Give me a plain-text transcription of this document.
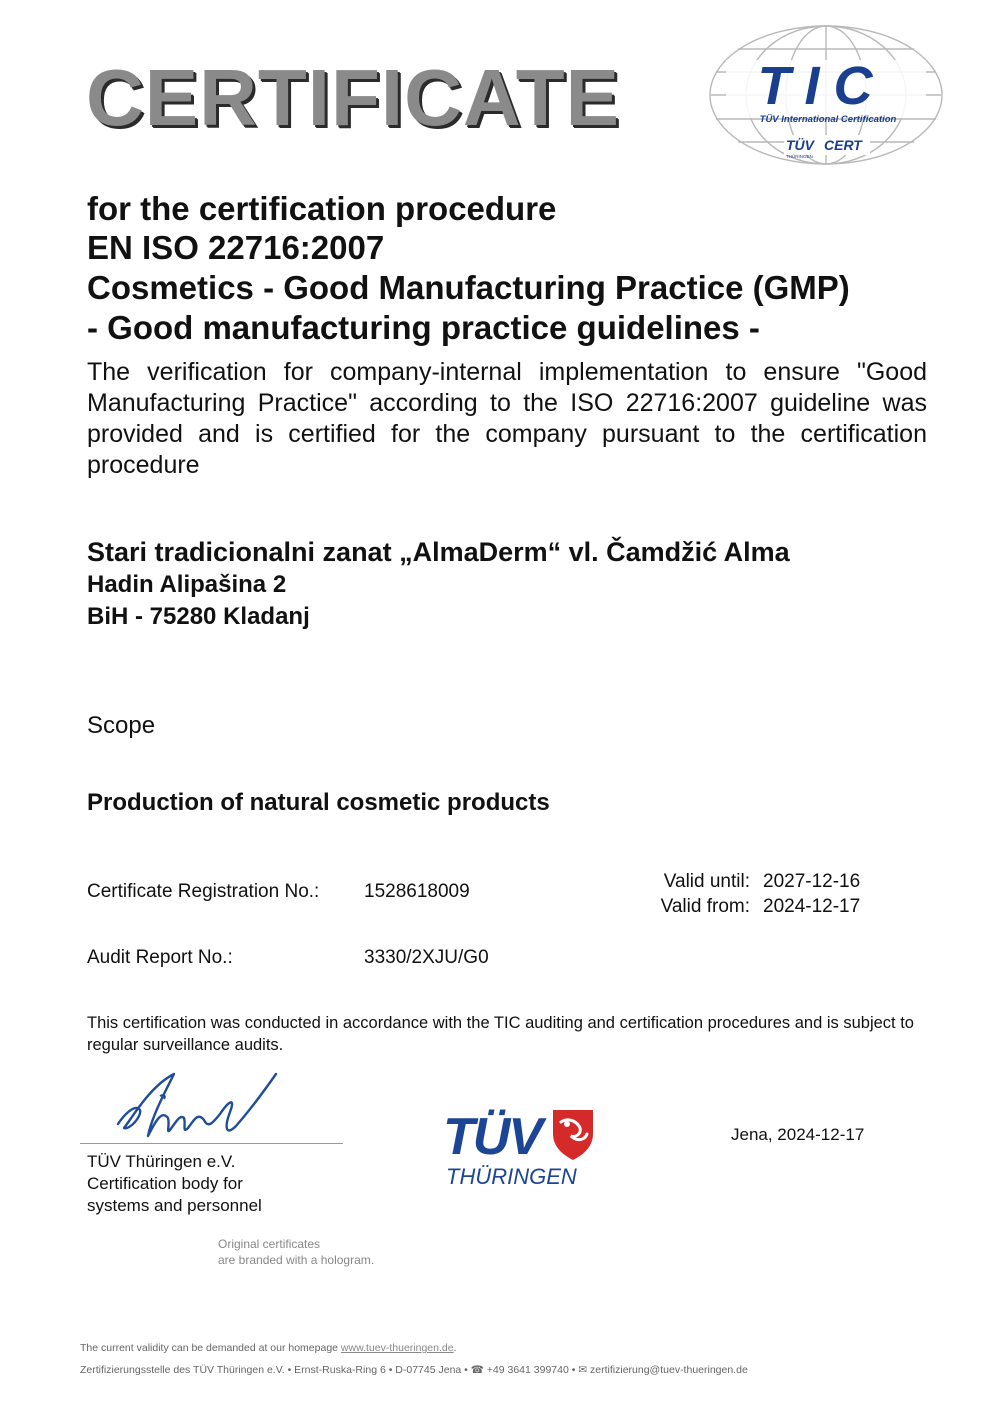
CERTIFICATE	TIC
TÜV International Certification
TÜV CERT
THÜRINGEN
for the certification procedure
EN ISO 22716:2007
Cosmetics - Good Manufacturing Practice (GMP)
- Good manufacturing practice guidelines -
The verification for company-internal implementation to ensure "Good Manufacturing Practice" according to the ISO 22716:2007 guideline was provided and is certified for the company pursuant to the certification procedure
Stari tradicionalni zanat „AlmaDerm“ vl. Čamdžić Alma
Hadin Alipašina 2
BiH - 75280 Kladanj
Scope
Production of natural cosmetic products
Certificate Registration No.: 1528618009	Valid until: 2027-12-16
Valid from: 2024-12-17
Audit Report No.:	3330/2XJU/G0
This certification was conducted in accordance with the TIC auditing and certification procedures and is subject to regular surveillance audits.
TÜV Thüringen e.V.
Certification body for
systems and personnel
TÜV
THÜRINGEN
Jena, 2024-12-17
Original certificates
are branded with a hologram.
The current validity can be demanded at our homepage www.tuev-thueringen.de.
Zertifizierungsstelle des TÜV Thüringen e.V. • Ernst-Ruska-Ring 6 • D-07745 Jena • ☎ +49 3641 399740 • ✉ zertifizierung@tuev-thueringen.de
